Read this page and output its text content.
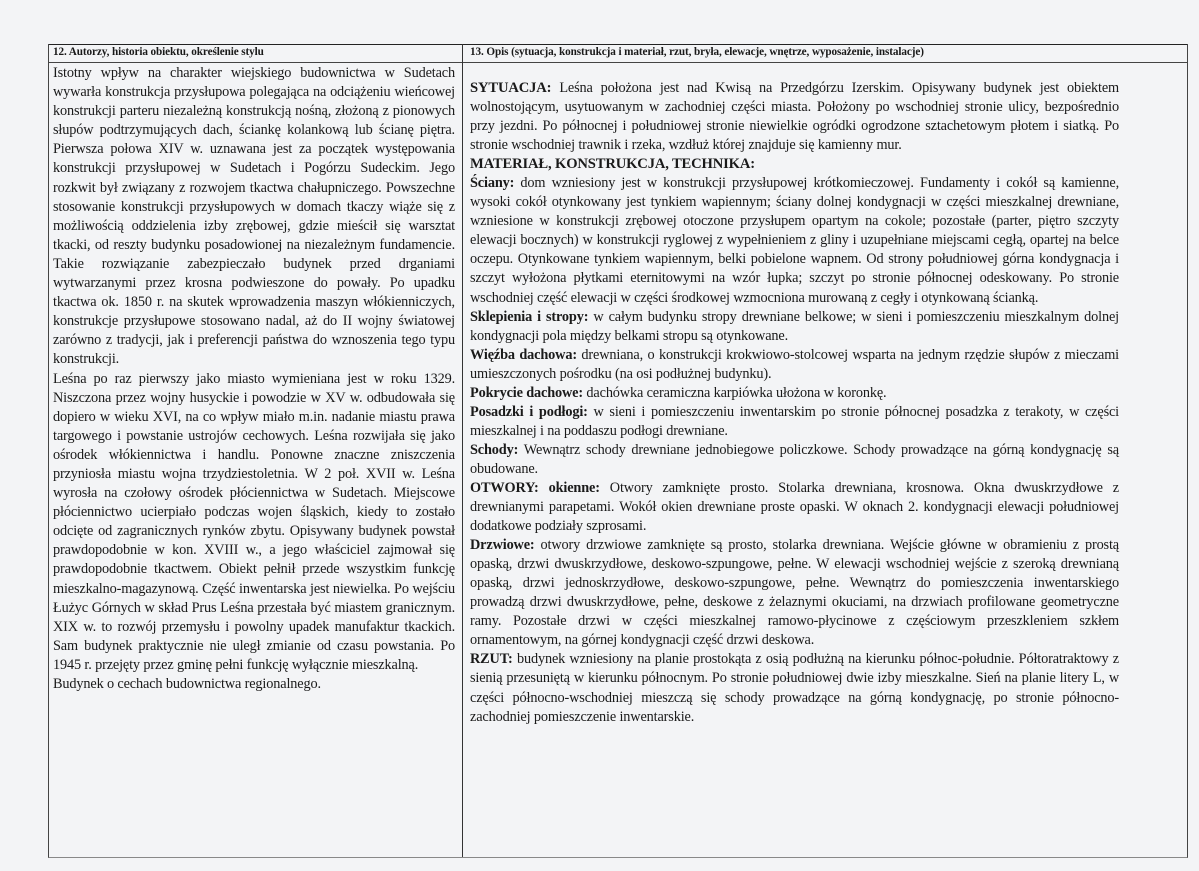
12. Autorzy, historia obiektu, określenie stylu	13. Opis (sytuacja, konstrukcja i materiał, rzut, bryła, elewacje, wnętrze, wyposażenie, instalacje)

Istotny wpływ na charakter wiejskiego budownictwa w Sudetach wywarła konstrukcja przysłupowa polegająca na odciążeniu wieńcowej konstrukcji parteru niezależną konstrukcją nośną, złożoną z pionowych słupów podtrzymujących dach, ściankę kolankową lub ścianę piętra. Pierwsza połowa XIV w. uznawana jest za początek występowania konstrukcji przysłupowej w Sudetach i Pogórzu Sudeckim. Jego rozkwit był związany z rozwojem tkactwa chałupniczego. Powszechne stosowanie konstrukcji przysłupowych w domach tkaczy wiąże się z możliwością oddzielenia izby zrębowej, gdzie mieścił się warsztat tkacki, od reszty budynku posadowionej na niezależnym fundamencie. Takie rozwiązanie zabezpieczało budynek przed drganiami wytwarzanymi przez krosna podwieszone do powały. Po upadku tkactwa ok. 1850 r. na skutek wprowadzenia maszyn włókienniczych, konstrukcje przysłupowe stosowano nadal, aż do II wojny światowej zarówno z tradycji, jak i preferencji państwa do wznoszenia tego typu konstrukcji.

Leśna po raz pierwszy jako miasto wymieniana jest w roku 1329. Niszczona przez wojny husyckie i powodzie w XV w. odbudowała się dopiero w wieku XVI, na co wpływ miało m.in. nadanie miastu prawa targowego i powstanie ustrojów cechowych. Leśna rozwijała się jako ośrodek włókiennictwa i handlu. Ponowne znaczne zniszczenia przyniosła miastu wojna trzydziestoletnia. W 2 poł. XVII w. Leśna wyrosła na czołowy ośrodek płóciennictwa w Sudetach. Miejscowe płóciennictwo ucierpiało podczas wojen śląskich, kiedy to zostało odcięte od zagranicznych rynków zbytu. Opisywany budynek powstał prawdopodobnie w kon. XVIII w., a jego właściciel zajmował się prawdopodobnie tkactwem. Obiekt pełnił przede wszystkim funkcję mieszkalno-magazynową. Część inwentarska jest niewielka. Po wejściu Łużyc Górnych w skład Prus Leśna przestała być miastem granicznym. XIX w. to rozwój przemysłu i powolny upadek manufaktur tkackich. Sam budynek praktycznie nie uległ zmianie od czasu powstania. Po 1945 r. przejęty przez gminę pełni funkcję wyłącznie mieszkalną.

Budynek o cechach budownictwa regionalnego.

SYTUACJA: Leśna położona jest nad Kwisą na Przedgórzu Izerskim. Opisywany budynek jest obiektem wolnostojącym, usytuowanym w zachodniej części miasta. Położony po wschodniej stronie ulicy, bezpośrednio przy jezdni. Po północnej i południowej stronie niewielkie ogródki ogrodzone sztachetowym płotem i siatką. Po stronie wschodniej trawnik i rzeka, wzdłuż której znajduje się kamienny mur.

MATERIAŁ, KONSTRUKCJA, TECHNIKA:

Ściany: dom wzniesiony jest w konstrukcji przysłupowej krótkomieczowej. Fundamenty i cokół są kamienne, wysoki cokół otynkowany jest tynkiem wapiennym; ściany dolnej kondygnacji w części mieszkalnej drewniane, wzniesione w konstrukcji zrębowej otoczone przysłupem opartym na cokole; pozostałe (parter, piętro szczyty elewacji bocznych) w konstrukcji ryglowej z wypełnieniem z gliny i uzupełniane miejscami cegłą, opartej na belce oczepu. Otynkowane tynkiem wapiennym, belki pobielone wapnem. Od strony południowej górna kondygnacja i szczyt wyłożona płytkami eternitowymi na wzór łupka; szczyt po stronie północnej odeskowany. Po stronie wschodniej część elewacji w części środkowej wzmocniona murowaną z cegły i otynkowaną ścianką.

Sklepienia i stropy: w całym budynku stropy drewniane belkowe; w sieni i pomieszczeniu mieszkalnym dolnej kondygnacji pola między belkami stropu są otynkowane.

Więźba dachowa: drewniana, o konstrukcji krokwiowo-stolcowej wsparta na jednym rzędzie słupów z mieczami umieszczonych pośrodku (na osi podłużnej budynku).

Pokrycie dachowe: dachówka ceramiczna karpiówka ułożona w koronkę.

Posadzki i podłogi: w sieni i pomieszczeniu inwentarskim po stronie północnej posadzka z terakoty, w części mieszkalnej i na poddaszu podłogi drewniane.

Schody: Wewnątrz schody drewniane jednobiegowe policzkowe. Schody prowadzące na górną kondygnację są obudowane.

OTWORY: okienne: Otwory zamknięte prosto. Stolarka drewniana, krosnowa. Okna dwuskrzydłowe z drewnianymi parapetami. Wokół okien drewniane proste opaski. W oknach 2. kondygnacji elewacji południowej dodatkowe podziały szprosami.

Drzwiowe: otwory drzwiowe zamknięte są prosto, stolarka drewniana. Wejście główne w obramieniu z prostą opaską, drzwi dwuskrzydłowe, deskowo-szpungowe, pełne. W elewacji wschodniej wejście z szeroką drewnianą opaską, drzwi jednoskrzydłowe, deskowo-szpungowe, pełne. Wewnątrz do pomieszczenia inwentarskiego prowadzą drzwi dwuskrzydłowe, pełne, deskowe z żelaznymi okuciami, na drzwiach profilowane geometryczne ramy. Pozostałe drzwi w części mieszkalnej ramowo-płycinowe z częściowym przeszkleniem szkłem ornamentowym, na górnej kondygnacji część drzwi deskowa.

RZUT: budynek wzniesiony na planie prostokąta z osią podłużną na kierunku północ-południe. Półtoratraktowy z sienią przesuniętą w kierunku północnym. Po stronie południowej dwie izby mieszkalne. Sień na planie litery L, w części północno-wschodniej mieszczą się schody prowadzące na górną kondygnację, po stronie północno-zachodniej pomieszczenie inwentarskie.
